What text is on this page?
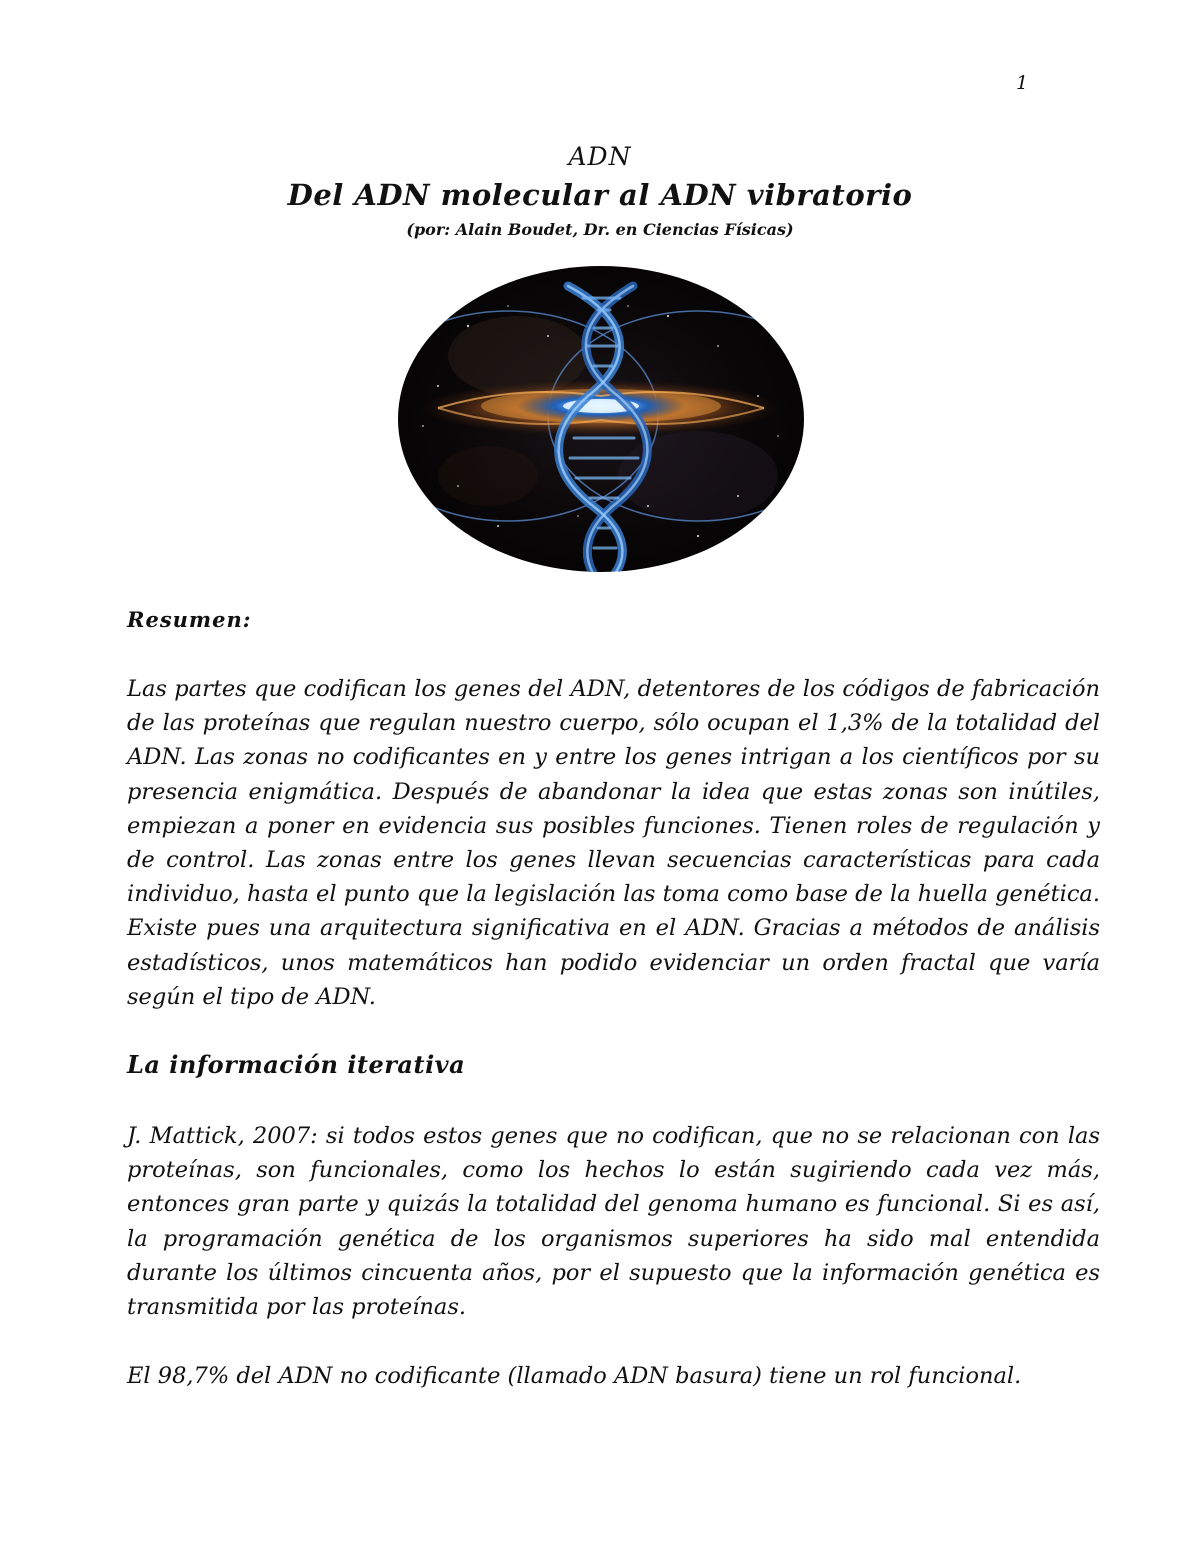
1
ADN
Del ADN molecular al ADN vibratorio
(por: Alain Boudet, Dr. en Ciencias Físicas)
Resumen:

Las partes que codifican los genes del ADN, detentores de los códigos de fabricación de las proteínas que regulan nuestro cuerpo, sólo ocupan el 1,3% de la totalidad del ADN. Las zonas no codificantes en y entre los genes intrigan a los científicos por su presencia enigmática. Después de abandonar la idea que estas zonas son inútiles, empiezan a poner en evidencia sus posibles funciones. Tienen roles de regulación y de control. Las zonas entre los genes llevan secuencias características para cada individuo, hasta el punto que la legislación las toma como base de la huella genética. Existe pues una arquitectura significativa en el ADN. Gracias a métodos de análisis estadísticos, unos matemáticos han podido evidenciar un orden fractal que varía según el tipo de ADN.

La información iterativa

J. Mattick, 2007: si todos estos genes que no codifican, que no se relacionan con las proteínas, son funcionales, como los hechos lo están sugiriendo cada vez más, entonces gran parte y quizás la totalidad del genoma humano es funcional. Si es así, la programación genética de los organismos superiores ha sido mal entendida durante los últimos cincuenta años, por el supuesto que la información genética es transmitida por las proteínas.

El 98,7% del ADN no codificante (llamado ADN basura) tiene un rol funcional.
